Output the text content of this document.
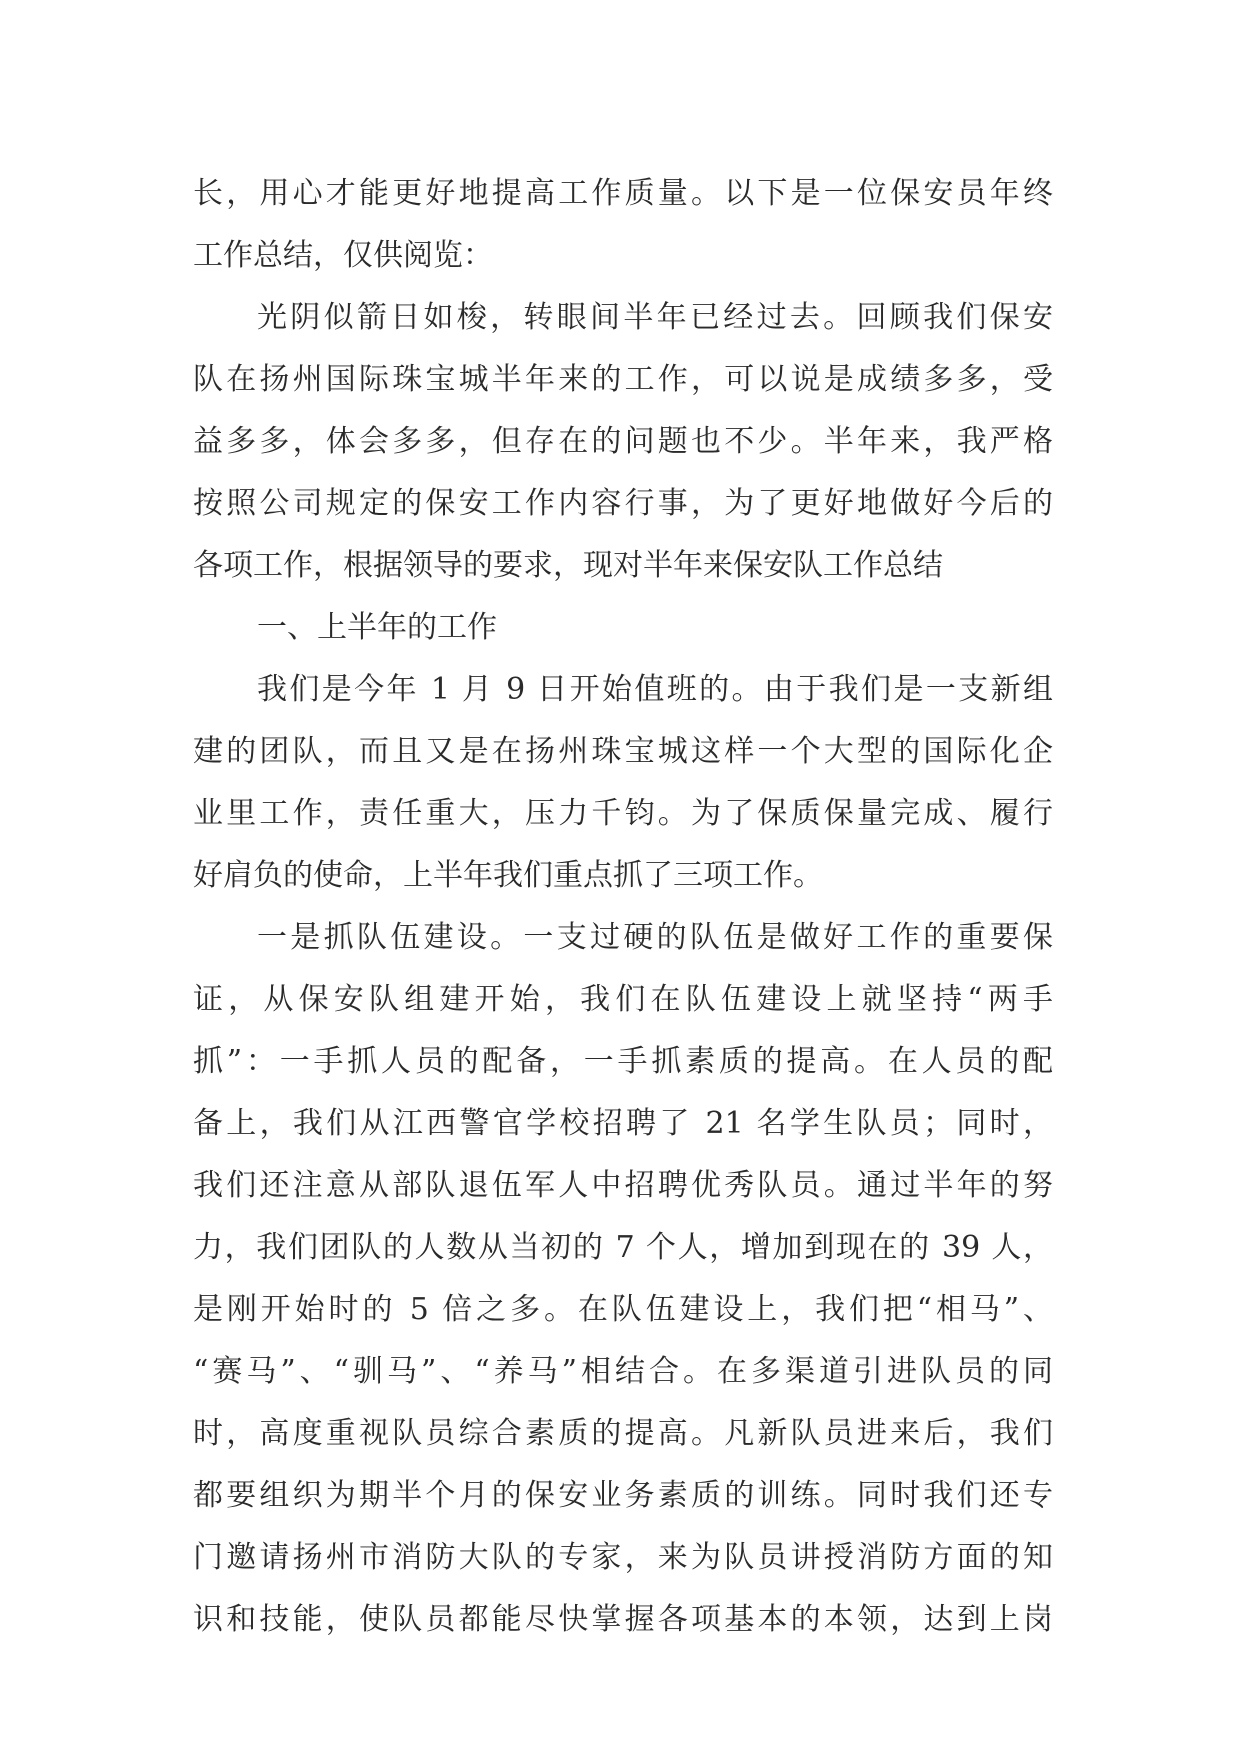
长，用心才能更好地提高工作质量。以下是一位保安员年终
工作总结，仅供阅览：
光阴似箭日如梭，转眼间半年已经过去。回顾我们保安
队在扬州国际珠宝城半年来的工作，可以说是成绩多多，受
益多多，体会多多，但存在的问题也不少。半年来，我严格
按照公司规定的保安工作内容行事，为了更好地做好今后的
各项工作，根据领导的要求，现对半年来保安队工作总结
一、上半年的工作
我们是今年 1 月 9 日开始值班的。由于我们是一支新组
建的团队，而且又是在扬州珠宝城这样一个大型的国际化企
业里工作，责任重大，压力千钧。为了保质保量完成、履行
好肩负的使命，上半年我们重点抓了三项工作。
一是抓队伍建设。一支过硬的队伍是做好工作的重要保
证，从保安队组建开始，我们在队伍建设上就坚持“两手
抓”：一手抓人员的配备，一手抓素质的提高。在人员的配
备上，我们从江西警官学校招聘了 21 名学生队员；同时，
我们还注意从部队退伍军人中招聘优秀队员。通过半年的努
力，我们团队的人数从当初的 7 个人，增加到现在的 39 人，
是刚开始时的 5 倍之多。在队伍建设上，我们把“相马”、
“赛马”、“驯马”、“养马”相结合。在多渠道引进队员的同
时，高度重视队员综合素质的提高。凡新队员进来后，我们
都要组织为期半个月的保安业务素质的训练。同时我们还专
门邀请扬州市消防大队的专家，来为队员讲授消防方面的知
识和技能，使队员都能尽快掌握各项基本的本领，达到上岗
